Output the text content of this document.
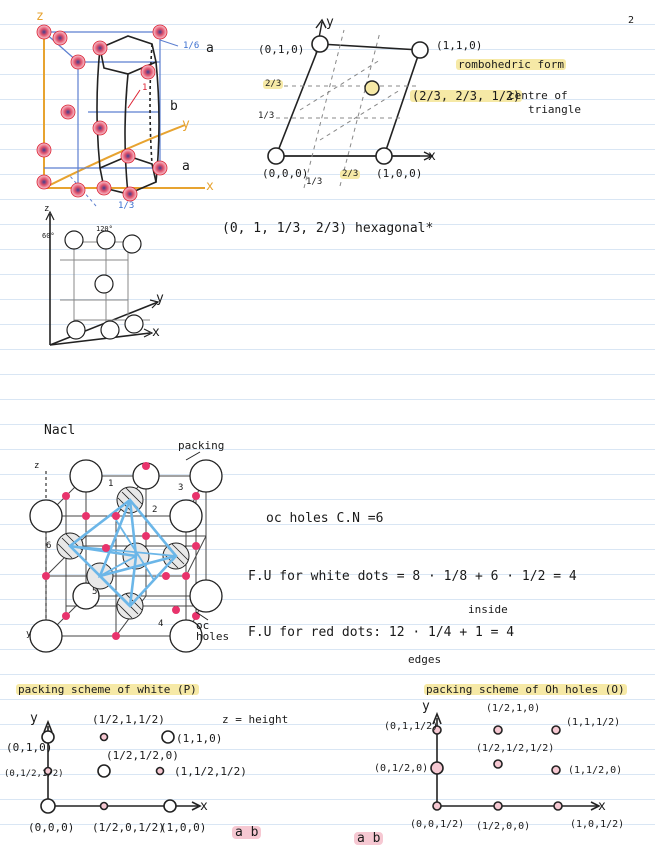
2
z
y
x
a
1/6
b
a
1/3
1
y
x
(0,1,0)	(1,1,0)
(0,0,0)	(1,0,0)
rombohedric form
(2/3, 2/3, 1/2)
centre of
triangle
2/3
1/3
1/3
2/3
z
y
x
60°
120°	(0, 1, 1/3, 2/3) hexagonal*
Nacl
packing
oc holes
z
y
1
2
3
4
5
6
oc holes C.N =6
F.U for white dots = 8 · 1/8 + 6 · 1/2 = 4
F.U for red dots: 12 · 1/4 + 1 = 4
inside
edges
packing scheme of white (P)
y
x
z = height
(0,1,0)
(0,1/2,1/2)
(0,0,0) (1/2,0,1/2)
(1,0,0)
(1/2,1,1/2)
(1,1,0)
(1/2,1/2,0)
(1,1/2,1/2)
a b
packing scheme of Oh holes (O)
y
x
(0,1,1/2)
(0,1/2,0)
(0,0,1/2) (1/2,0,0)	(1,0,1/2)
(1/2,1,0)
(1,1,1/2)
(1/2,1/2,1/2)
(1,1/2,0)
a b
